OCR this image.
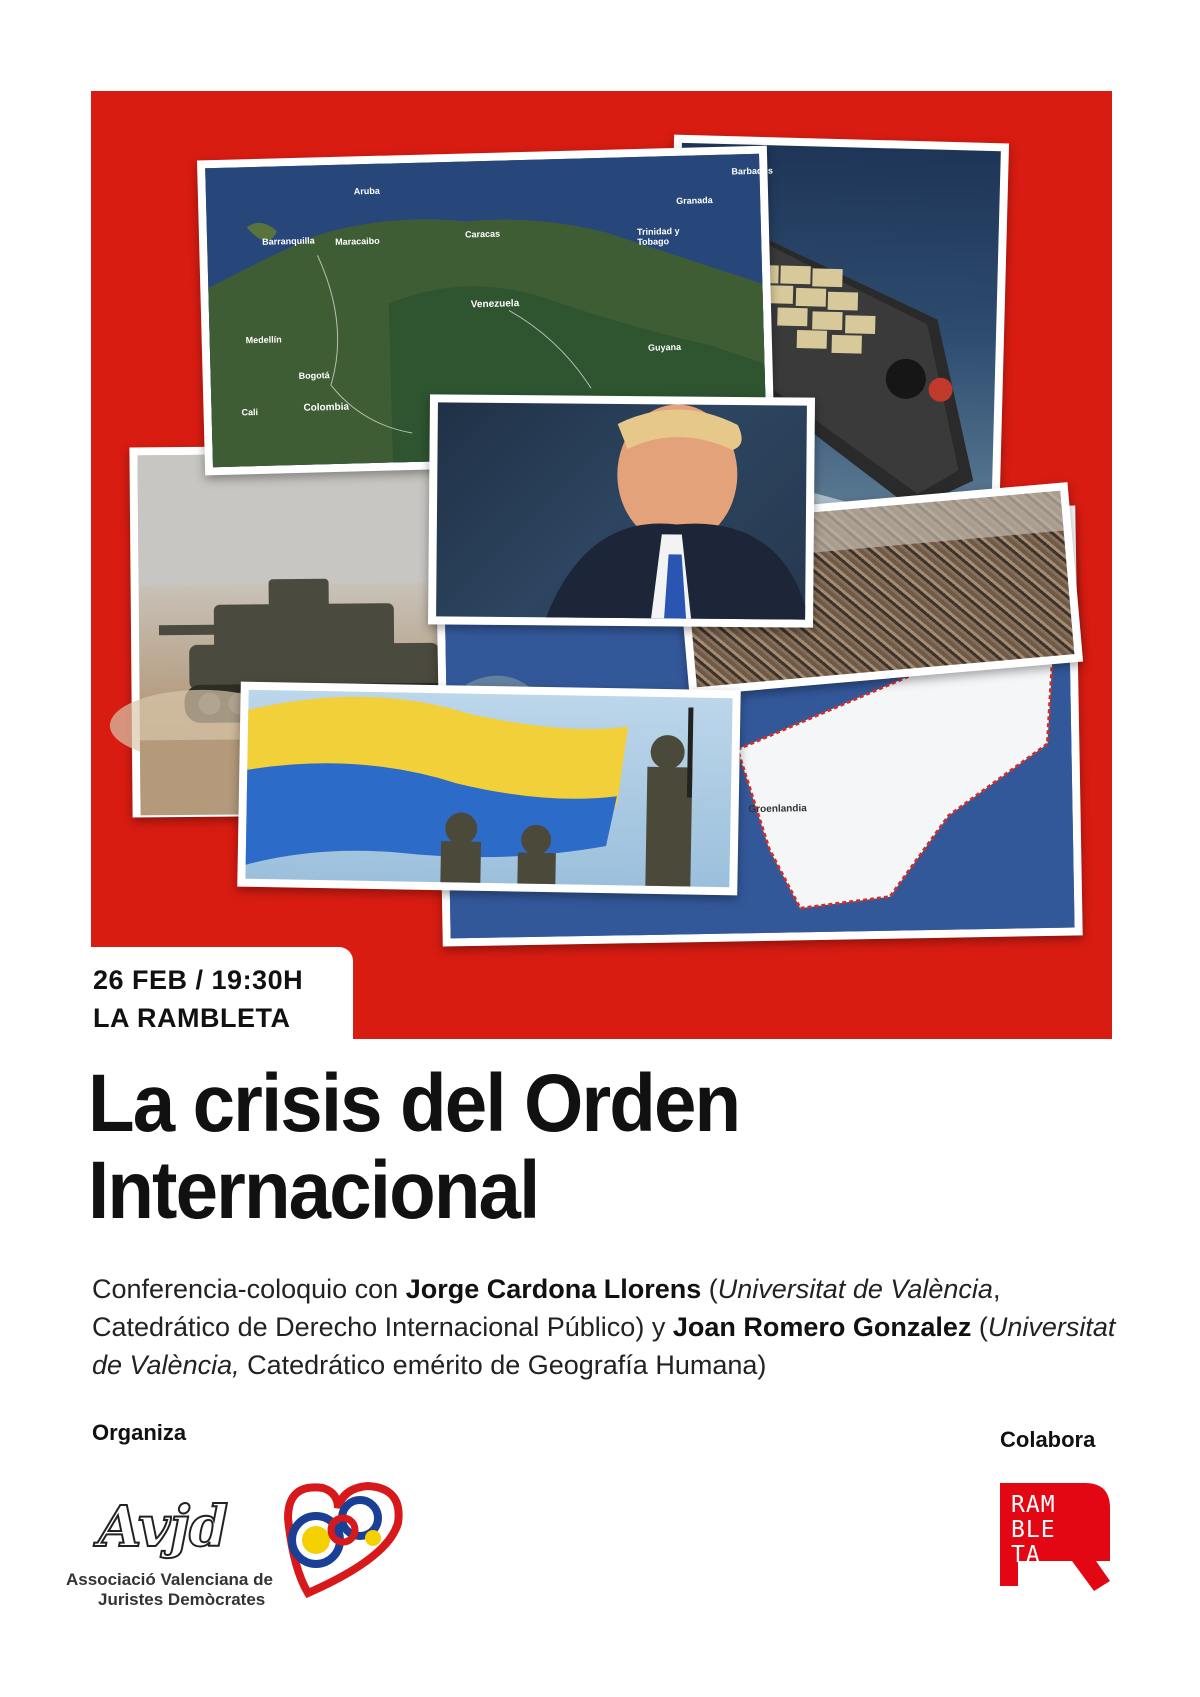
Groenlandia
Aruba
Barbados
Granada
Barranquilla Maracaibo
Caracas	Trinidad y Tobago
Venezuela
Medellín
Guyana
Bogotá
Colombia
Cali
26 FEB / 19:30H
LA RAMBLETA
La crisis del Orden
Internacional
Conferencia-coloquio con Jorge Cardona Llorens (Universitat de València, Catedrático de Derecho Internacional Público) y Joan Romero Gonzalez (Universitat de València, Catedrático emérito de Geografía Humana)
Organiza	Colabora
Avjd
Associació Valenciana de
Juristes Demòcrates
RAM
BLE
TA
